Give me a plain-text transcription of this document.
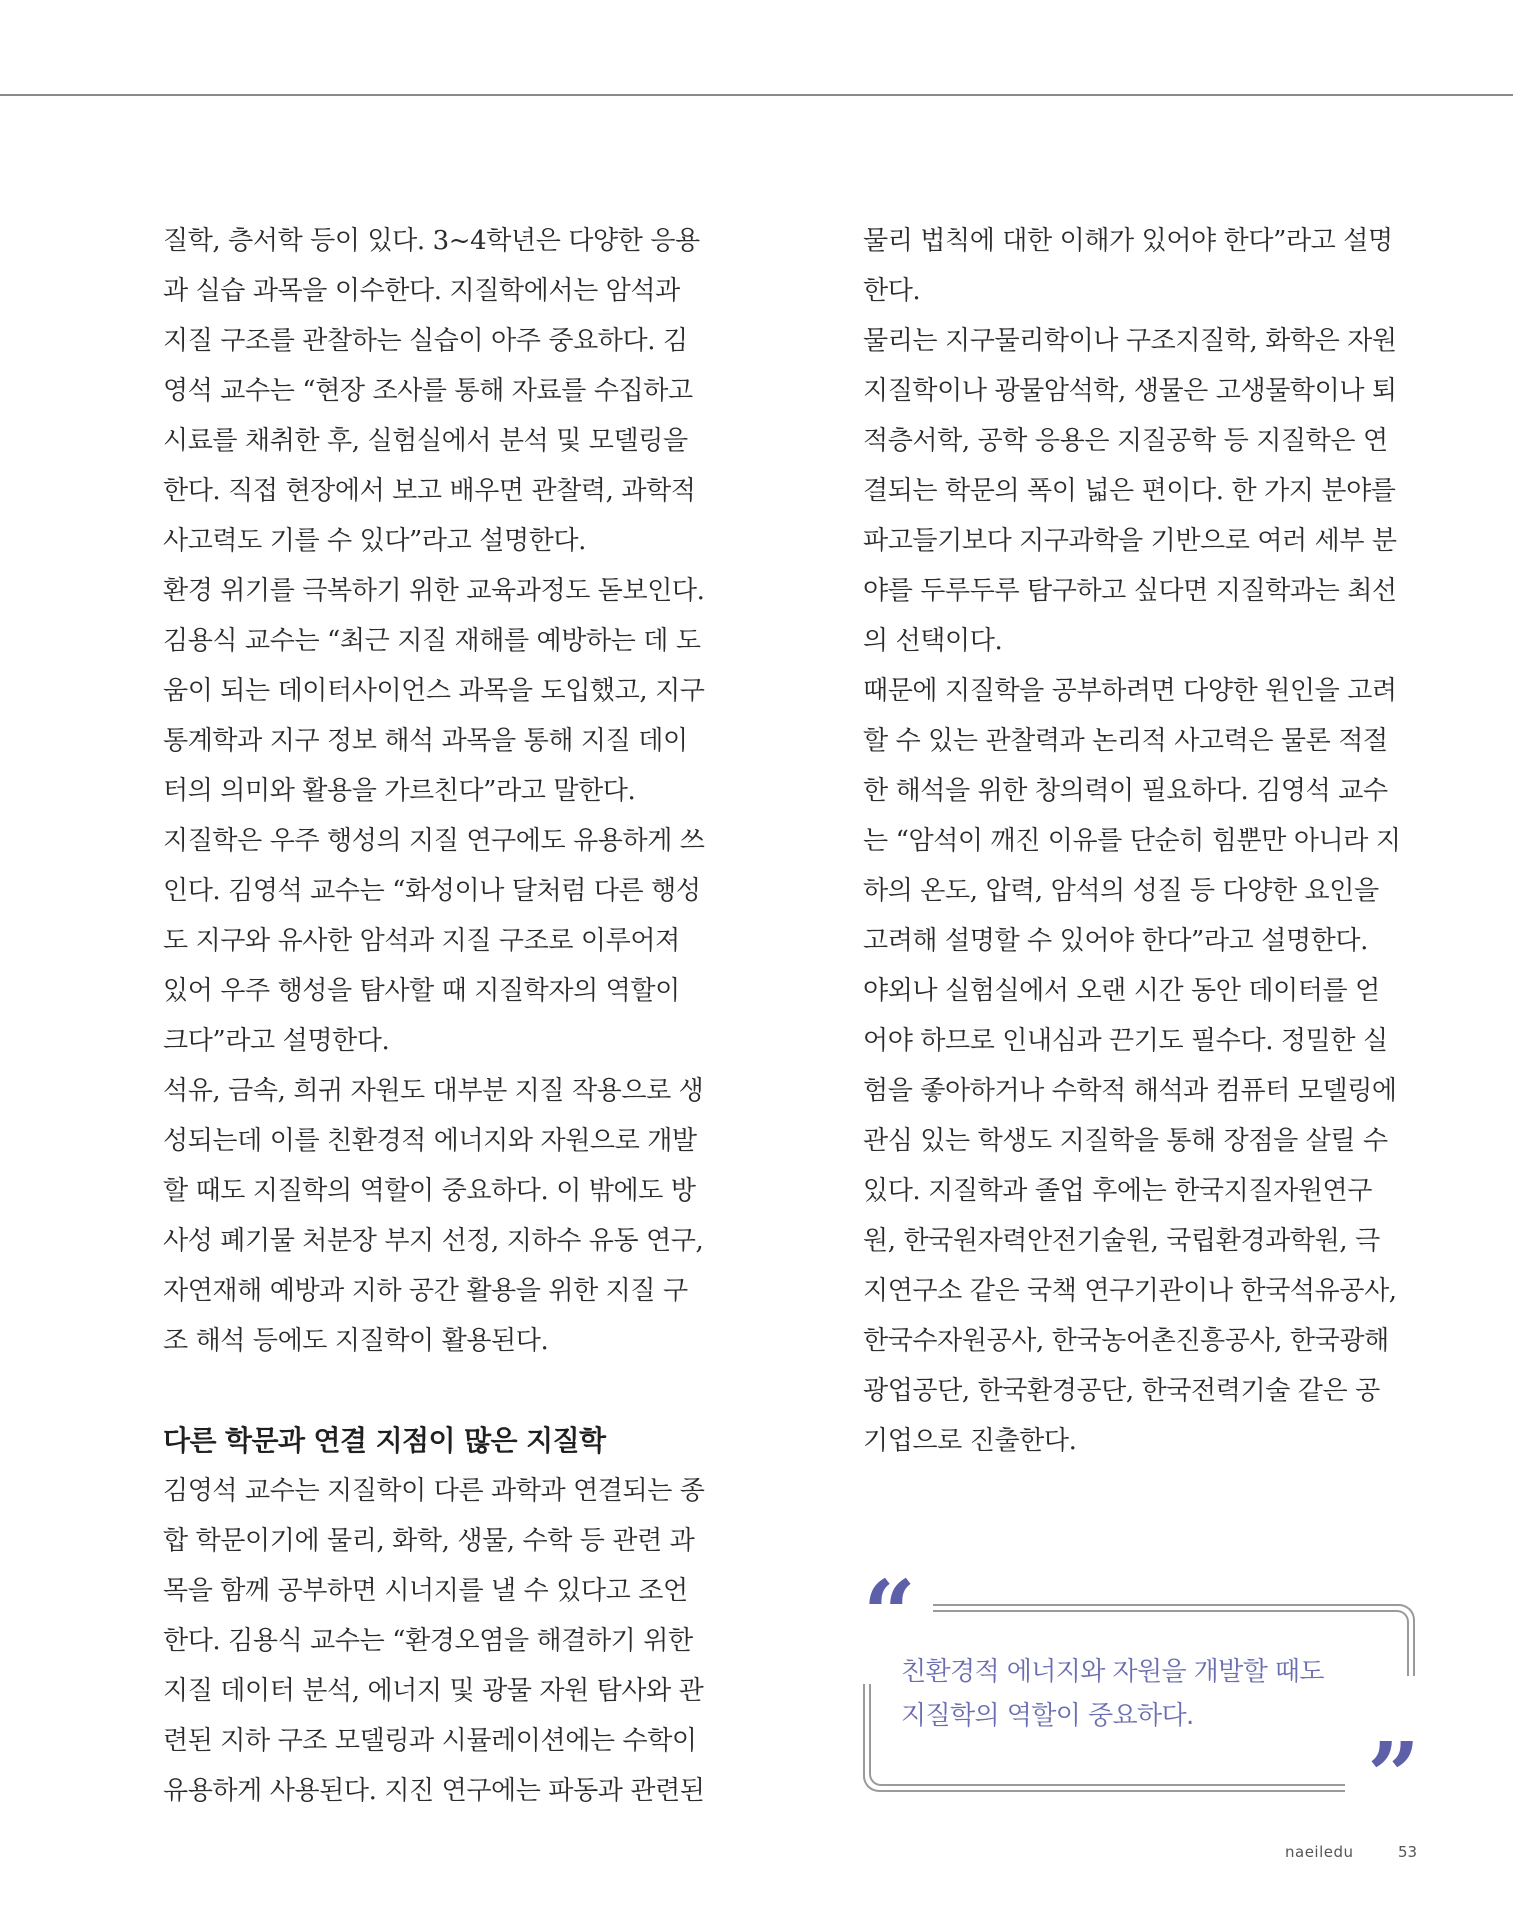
질학, 층서학 등이 있다. 3~4학년은 다양한 응용
과 실습 과목을 이수한다. 지질학에서는 암석과
지질 구조를 관찰하는 실습이 아주 중요하다. 김
영석 교수는 “현장 조사를 통해 자료를 수집하고
시료를 채취한 후, 실험실에서 분석 및 모델링을
한다. 직접 현장에서 보고 배우면 관찰력, 과학적
사고력도 기를 수 있다”라고 설명한다.
환경 위기를 극복하기 위한 교육과정도 돋보인다.
김용식 교수는 “최근 지질 재해를 예방하는 데 도
움이 되는 데이터사이언스 과목을 도입했고, 지구
통계학과 지구 정보 해석 과목을 통해 지질 데이
터의 의미와 활용을 가르친다”라고 말한다.
지질학은 우주 행성의 지질 연구에도 유용하게 쓰
인다. 김영석 교수는 “화성이나 달처럼 다른 행성
도 지구와 유사한 암석과 지질 구조로 이루어져
있어 우주 행성을 탐사할 때 지질학자의 역할이
크다”라고 설명한다.
석유, 금속, 희귀 자원도 대부분 지질 작용으로 생
성되는데 이를 친환경적 에너지와 자원으로 개발
할 때도 지질학의 역할이 중요하다. 이 밖에도 방
사성 폐기물 처분장 부지 선정, 지하수 유동 연구,
자연재해 예방과 지하 공간 활용을 위한 지질 구
조 해석 등에도 지질학이 활용된다.
다른 학문과 연결 지점이 많은 지질학
김영석 교수는 지질학이 다른 과학과 연결되는 종
합 학문이기에 물리, 화학, 생물, 수학 등 관련 과
목을 함께 공부하면 시너지를 낼 수 있다고 조언
한다. 김용식 교수는 “환경오염을 해결하기 위한
지질 데이터 분석, 에너지 및 광물 자원 탐사와 관
련된 지하 구조 모델링과 시뮬레이션에는 수학이
유용하게 사용된다. 지진 연구에는 파동과 관련된
물리 법칙에 대한 이해가 있어야 한다”라고 설명
한다.
물리는 지구물리학이나 구조지질학, 화학은 자원
지질학이나 광물암석학, 생물은 고생물학이나 퇴
적층서학, 공학 응용은 지질공학 등 지질학은 연
결되는 학문의 폭이 넓은 편이다. 한 가지 분야를
파고들기보다 지구과학을 기반으로 여러 세부 분
야를 두루두루 탐구하고 싶다면 지질학과는 최선
의 선택이다.
때문에 지질학을 공부하려면 다양한 원인을 고려
할 수 있는 관찰력과 논리적 사고력은 물론 적절
한 해석을 위한 창의력이 필요하다. 김영석 교수
는 “암석이 깨진 이유를 단순히 힘뿐만 아니라 지
하의 온도, 압력, 암석의 성질 등 다양한 요인을
고려해 설명할 수 있어야 한다”라고 설명한다.
야외나 실험실에서 오랜 시간 동안 데이터를 얻
어야 하므로 인내심과 끈기도 필수다. 정밀한 실
험을 좋아하거나 수학적 해석과 컴퓨터 모델링에
관심 있는 학생도 지질학을 통해 장점을 살릴 수
있다. 지질학과 졸업 후에는 한국지질자원연구
원, 한국원자력안전기술원, 국립환경과학원, 극
지연구소 같은 국책 연구기관이나 한국석유공사,
한국수자원공사, 한국농어촌진흥공사, 한국광해
광업공단, 한국환경공단, 한국전력기술 같은 공
기업으로 진출한다.
“
친환경적 에너지와 자원을 개발할 때도
지질학의 역할이 중요하다.
”
naeiledu	53
